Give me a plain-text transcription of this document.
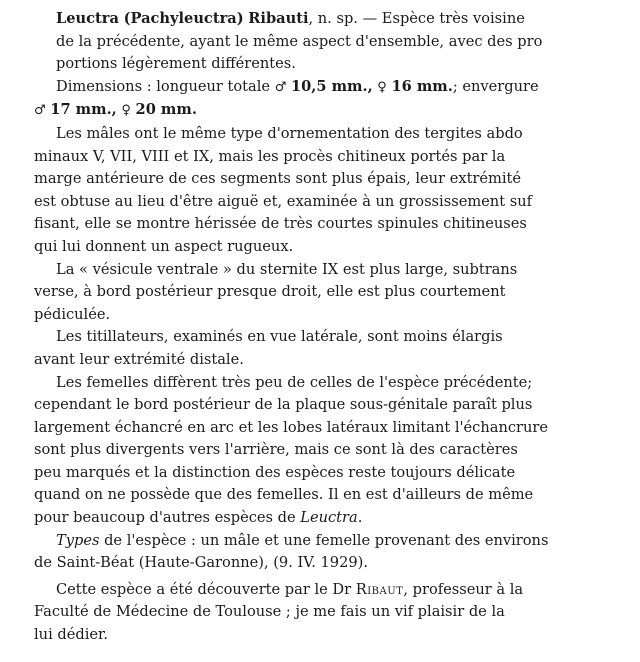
Leuctra (Pachyleuctra) Ribauti, n. sp. — Espèce très voisine
de la précédente, ayant le même aspect d'ensemble, avec des pro
portions légèrement différentes.

Dimensions : longueur totale ♂ 10,5 mm., ♀ 16 mm.; envergure
♂ 17 mm., ♀ 20 mm.

Les mâles ont le même type d'ornementation des tergites abdo
minaux V, VII, VIII et IX, mais les procès chitineux portés par la
marge antérieure de ces segments sont plus épais, leur extrémité
est obtuse au lieu d'être aiguë et, examinée à un grossissement suf
fisant, elle se montre hérissée de très courtes spinules chitineuses
qui lui donnent un aspect rugueux.

La « vésicule ventrale » du sternite IX est plus large, subtrans
verse, à bord postérieur presque droit, elle est plus courtement
pédiculée.

Les titillateurs, examinés en vue latérale, sont moins élargis
avant leur extrémité distale.

Les femelles diffèrent très peu de celles de l'espèce précédente;
cependant le bord postérieur de la plaque sous-génitale paraît plus
largement échancré en arc et les lobes latéraux limitant l'échancrure
sont plus divergents vers l'arrière, mais ce sont là des caractères
peu marqués et la distinction des espèces reste toujours délicate
quand on ne possède que des femelles. Il en est d'ailleurs de même
pour beaucoup d'autres espèces de Leuctra.

Types de l'espèce : un mâle et une femelle provenant des environs
de Saint-Béat (Haute-Garonne), (9. IV. 1929).

Cette espèce a été découverte par le Dr Ribaut, professeur à la
Faculté de Médecine de Toulouse ; je me fais un vif plaisir de la
lui dédier.
